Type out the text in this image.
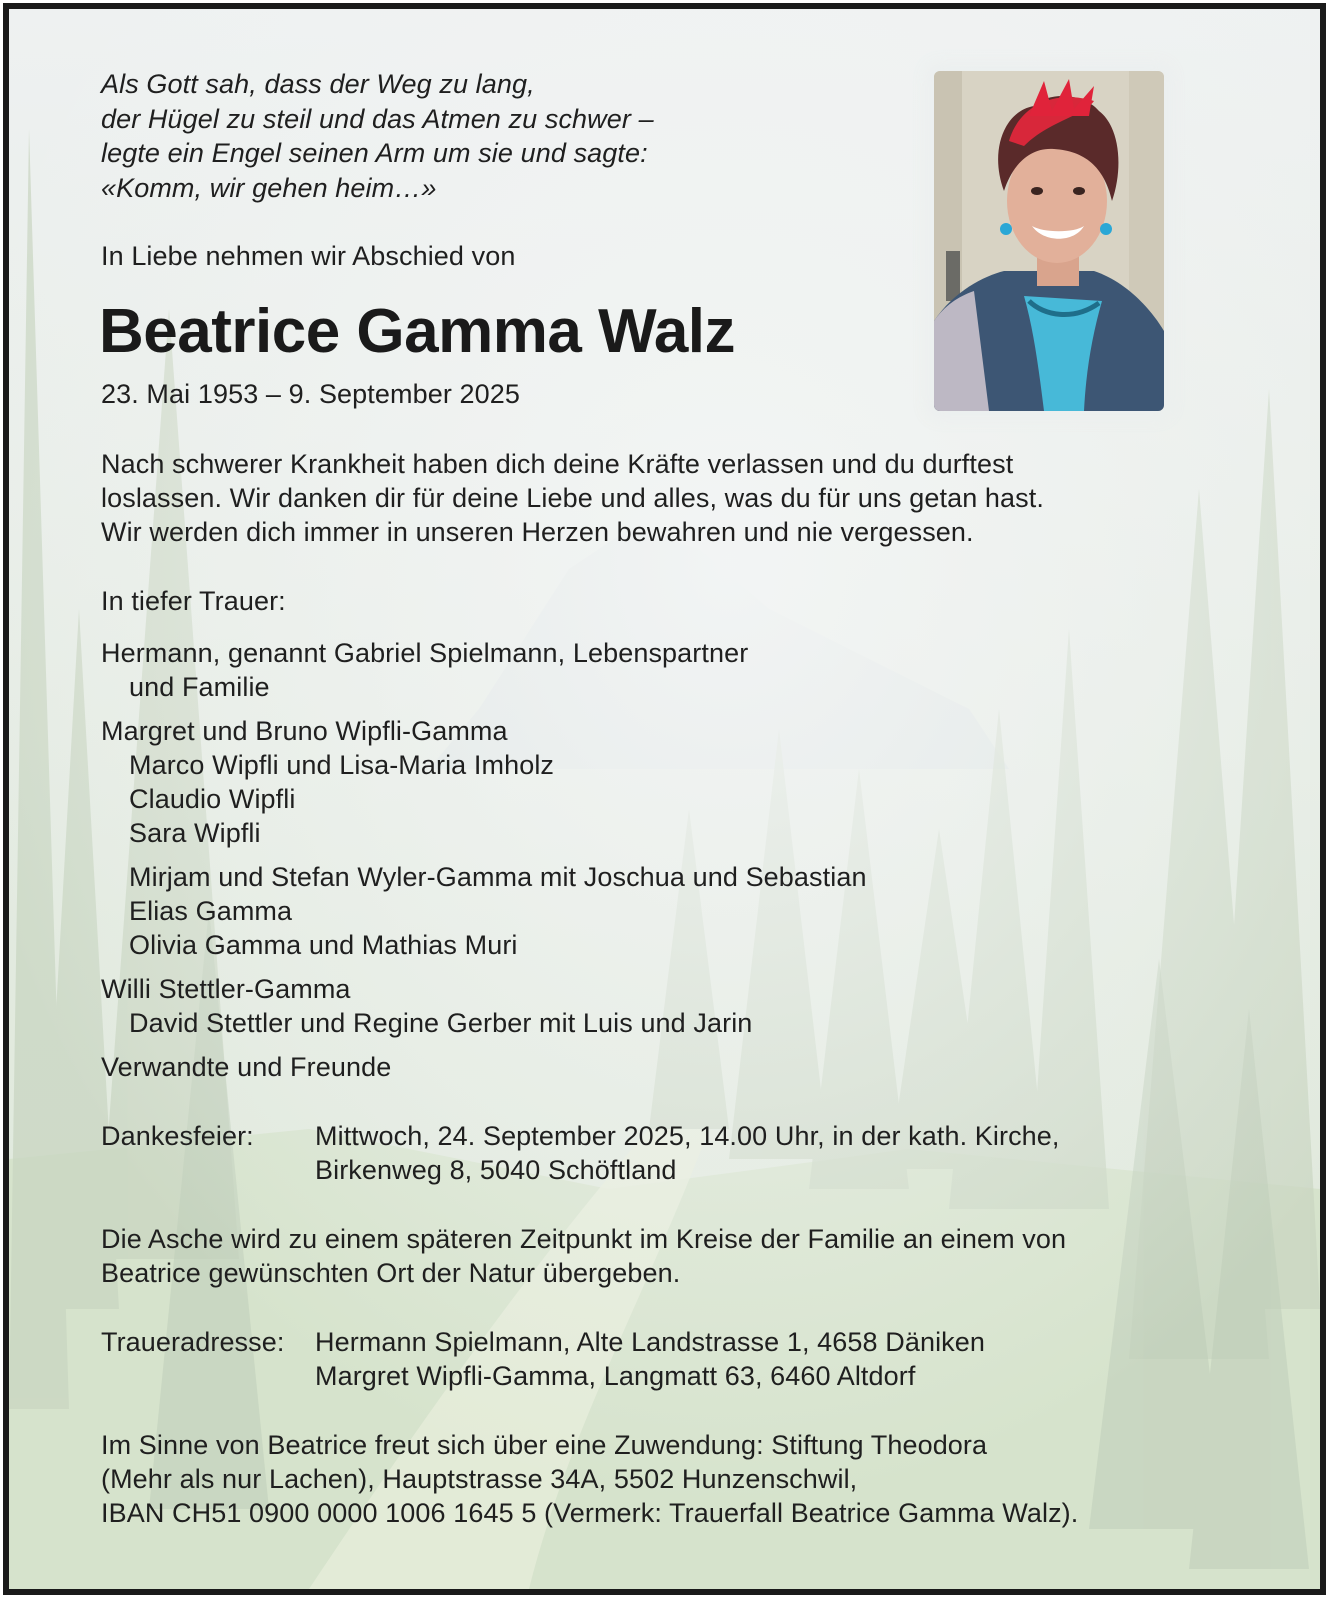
Als Gott sah, dass der Weg zu lang,

der Hügel zu steil und das Atmen zu schwer –

legte ein Engel seinen Arm um sie und sagte:

«Komm, wir gehen heim…»

In Liebe nehmen wir Abschied von

Beatrice Gamma Walz

23. Mai 1953 – 9. September 2025

Nach schwerer Krankheit haben dich deine Kräfte verlassen und du durftest

loslassen. Wir danken dir für deine Liebe und alles, was du für uns getan hast.

Wir werden dich immer in unseren Herzen bewahren und nie vergessen.

In tiefer Trauer:

Hermann, genannt Gabriel Spielmann, Lebenspartner

und Familie

Margret und Bruno Wipfli-Gamma

Marco Wipfli und Lisa-Maria Imholz

Claudio Wipfli

Sara Wipfli

Mirjam und Stefan Wyler-Gamma mit Joschua und Sebastian

Elias Gamma

Olivia Gamma und Mathias Muri

Willi Stettler-Gamma

David Stettler und Regine Gerber mit Luis und Jarin

Verwandte und Freunde

Dankesfeier:	Mittwoch, 24. September 2025, 14.00 Uhr, in der kath. Kirche,

Birkenweg 8, 5040 Schöftland

Die Asche wird zu einem späteren Zeitpunkt im Kreise der Familie an einem von

Beatrice gewünschten Ort der Natur übergeben.

Traueradresse:	Hermann Spielmann, Alte Landstrasse 1, 4658 Däniken

Margret Wipfli-Gamma, Langmatt 63, 6460 Altdorf

Im Sinne von Beatrice freut sich über eine Zuwendung: Stiftung Theodora

(Mehr als nur Lachen), Hauptstrasse 34A, 5502 Hunzenschwil,

IBAN CH51 0900 0000 1006 1645 5 (Vermerk: Trauerfall Beatrice Gamma Walz).
